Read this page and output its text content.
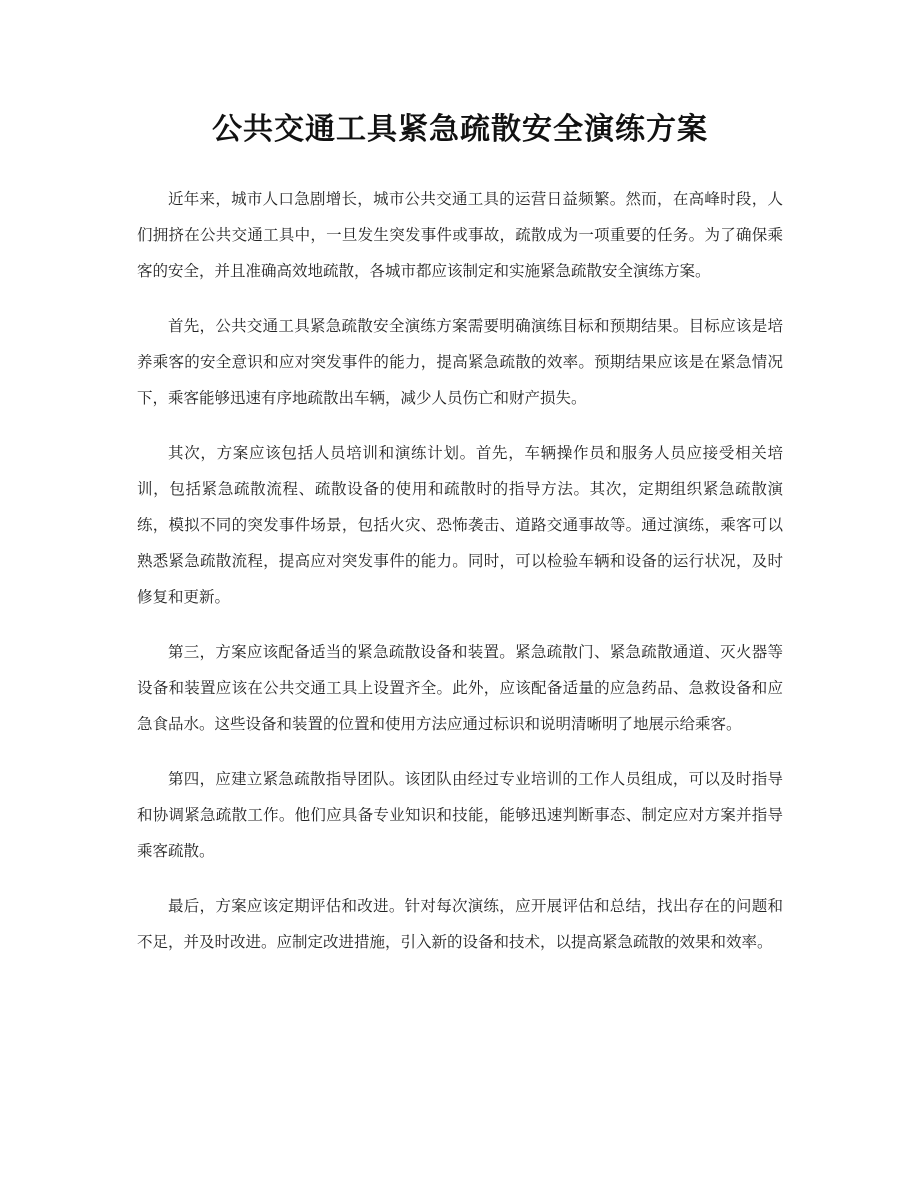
公共交通工具紧急疏散安全演练方案

近年来，城市人口急剧增长，城市公共交通工具的运营日益频繁。然而，在高峰时段，人们拥挤在公共交通工具中，一旦发生突发事件或事故，疏散成为一项重要的任务。为了确保乘客的安全，并且准确高效地疏散，各城市都应该制定和实施紧急疏散安全演练方案。

首先，公共交通工具紧急疏散安全演练方案需要明确演练目标和预期结果。目标应该是培养乘客的安全意识和应对突发事件的能力，提高紧急疏散的效率。预期结果应该是在紧急情况下，乘客能够迅速有序地疏散出车辆，减少人员伤亡和财产损失。

其次，方案应该包括人员培训和演练计划。首先，车辆操作员和服务人员应接受相关培训，包括紧急疏散流程、疏散设备的使用和疏散时的指导方法。其次，定期组织紧急疏散演练，模拟不同的突发事件场景，包括火灾、恐怖袭击、道路交通事故等。通过演练，乘客可以熟悉紧急疏散流程，提高应对突发事件的能力。同时，可以检验车辆和设备的运行状况，及时修复和更新。

第三，方案应该配备适当的紧急疏散设备和装置。紧急疏散门、紧急疏散通道、灭火器等设备和装置应该在公共交通工具上设置齐全。此外，应该配备适量的应急药品、急救设备和应急食品水。这些设备和装置的位置和使用方法应通过标识和说明清晰明了地展示给乘客。

第四，应建立紧急疏散指导团队。该团队由经过专业培训的工作人员组成，可以及时指导和协调紧急疏散工作。他们应具备专业知识和技能，能够迅速判断事态、制定应对方案并指导乘客疏散。

最后，方案应该定期评估和改进。针对每次演练，应开展评估和总结，找出存在的问题和不足，并及时改进。应制定改进措施，引入新的设备和技术，以提高紧急疏散的效果和效率。
